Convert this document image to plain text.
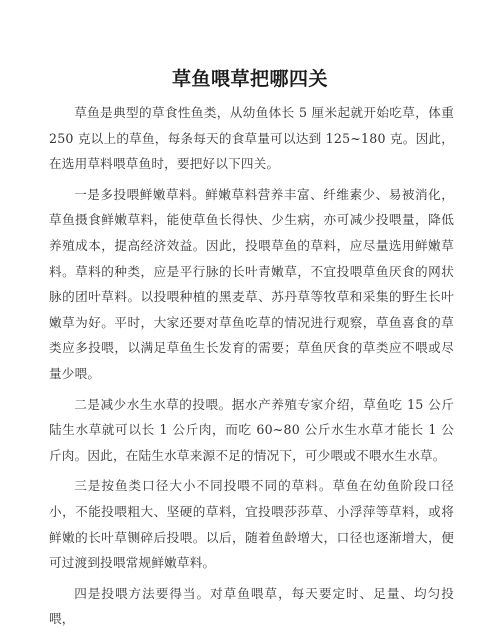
草鱼喂草把哪四关

草鱼是典型的草食性鱼类，从幼鱼体长 5 厘米起就开始吃草，体重 250 克以上的草鱼，每条每天的食草量可以达到 125~180 克。因此，在选用草料喂草鱼时，要把好以下四关。

一是多投喂鲜嫩草料。鲜嫩草料营养丰富、纤维素少、易被消化，草鱼摄食鲜嫩草料，能使草鱼长得快、少生病，亦可减少投喂量，降低养殖成本，提高经济效益。因此，投喂草鱼的草料，应尽量选用鲜嫩草料。草料的种类，应是平行脉的长叶青嫩草，不宜投喂草鱼厌食的网状脉的团叶草料。以投喂种植的黑麦草、苏丹草等牧草和采集的野生长叶嫩草为好。平时，大家还要对草鱼吃草的情况进行观察，草鱼喜食的草类应多投喂，以满足草鱼生长发育的需要；草鱼厌食的草类应不喂或尽量少喂。

二是减少水生水草的投喂。据水产养殖专家介绍，草鱼吃 15 公斤陆生水草就可以长 1 公斤肉，而吃 60~80 公斤水生水草才能长 1 公斤肉。因此，在陆生水草来源不足的情况下，可少喂或不喂水生水草。

三是按鱼类口径大小不同投喂不同的草料。草鱼在幼鱼阶段口径小，不能投喂粗大、坚硬的草料，宜投喂莎莎草、小浮萍等草料，或将鲜嫩的长叶草铡碎后投喂。以后，随着鱼龄增大，口径也逐渐增大，便可过渡到投喂常规鲜嫩草料。

四是投喂方法要得当。对草鱼喂草，每天要定时、足量、均匀投喂，
